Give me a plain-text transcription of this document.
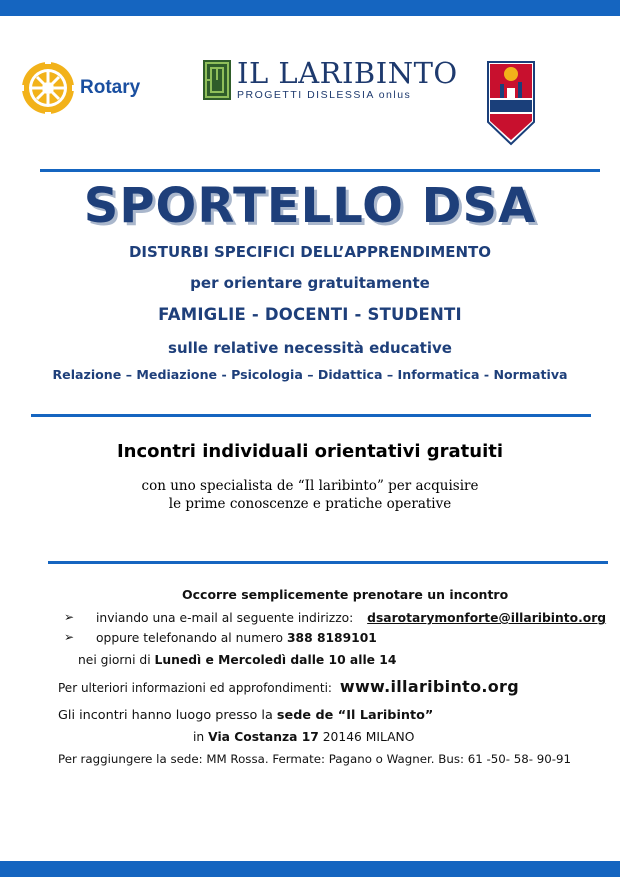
Rotary	IL LARIBINTO
PROGETTI DISLESSIA onlus
SPORTELLO DSA
DISTURBI SPECIFICI DELL’APPRENDIMENTO
per orientare gratuitamente
FAMIGLIE - DOCENTI - STUDENTI
sulle relative necessità educative
Relazione – Mediazione - Psicologia – Didattica – Informatica - Normativa
Incontri individuali orientativi gratuiti
con uno specialista de “Il laribinto” per acquisire
le prime conoscenze e pratiche operative
Occorre semplicemente prenotare un incontro
➢ inviando una e-mail al seguente indirizzo: dsarotarymonforte@illaribinto.org
➢ oppure telefonando al numero 388 8189101
nei giorni di Lunedì e Mercoledì dalle 10 alle 14
Per ulteriori informazioni ed approfondimenti: www.illaribinto.org
Gli incontri hanno luogo presso la sede de “Il Laribinto”
in Via Costanza 17 20146 MILANO
Per raggiungere la sede: MM Rossa. Fermate: Pagano o Wagner. Bus: 61 -50- 58- 90-91
